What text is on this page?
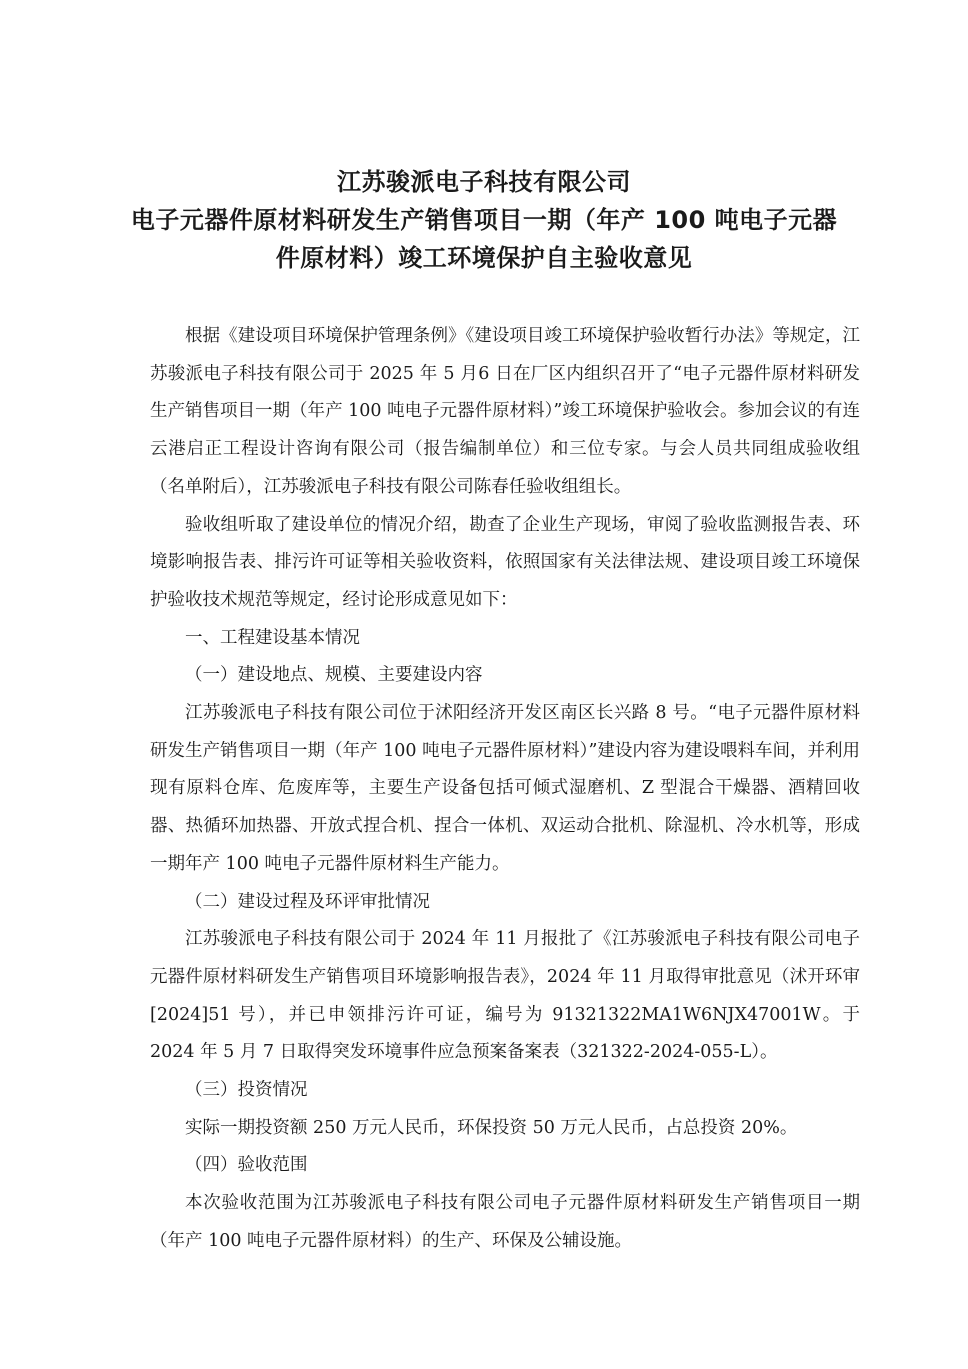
江苏骏派电子科技有限公司
电子元器件原材料研发生产销售项目一期（年产 100 吨电子元器
件原材料）竣工环境保护自主验收意见

根据《建设项目环境保护管理条例》《建设项目竣工环境保护验收暂行办法》等规定，江苏骏派电子科技有限公司于 2025 年 5 月6 日在厂区内组织召开了“电子元器件原材料研发生产销售项目一期（年产 100 吨电子元器件原材料）”竣工环境保护验收会。参加会议的有连云港启正工程设计咨询有限公司（报告编制单位）和三位专家。与会人员共同组成验收组（名单附后），江苏骏派电子科技有限公司陈春任验收组组长。

验收组听取了建设单位的情况介绍，勘查了企业生产现场，审阅了验收监测报告表、环境影响报告表、排污许可证等相关验收资料，依照国家有关法律法规、建设项目竣工环境保护验收技术规范等规定，经讨论形成意见如下：

一、工程建设基本情况

（一）建设地点、规模、主要建设内容

江苏骏派电子科技有限公司位于沭阳经济开发区南区长兴路 8 号。“电子元器件原材料研发生产销售项目一期（年产 100 吨电子元器件原材料）”建设内容为建设喂料车间，并利用现有原料仓库、危废库等，主要生产设备包括可倾式湿磨机、Z 型混合干燥器、酒精回收器、热循环加热器、开放式捏合机、捏合一体机、双运动合批机、除湿机、冷水机等，形成一期年产 100 吨电子元器件原材料生产能力。

（二）建设过程及环评审批情况

江苏骏派电子科技有限公司于 2024 年 11 月报批了《江苏骏派电子科技有限公司电子元器件原材料研发生产销售项目环境影响报告表》，2024 年 11 月取得审批意见（沭开环审[2024]51 号），并已申领排污许可证，编号为 91321322MA1W6NJX47001W。于 2024 年 5 月 7 日取得突发环境事件应急预案备案表（321322-2024-055-L）。

（三）投资情况

实际一期投资额 250 万元人民币，环保投资 50 万元人民币，占总投资 20%。

（四）验收范围

本次验收范围为江苏骏派电子科技有限公司电子元器件原材料研发生产销售项目一期（年产 100 吨电子元器件原材料）的生产、环保及公辅设施。
